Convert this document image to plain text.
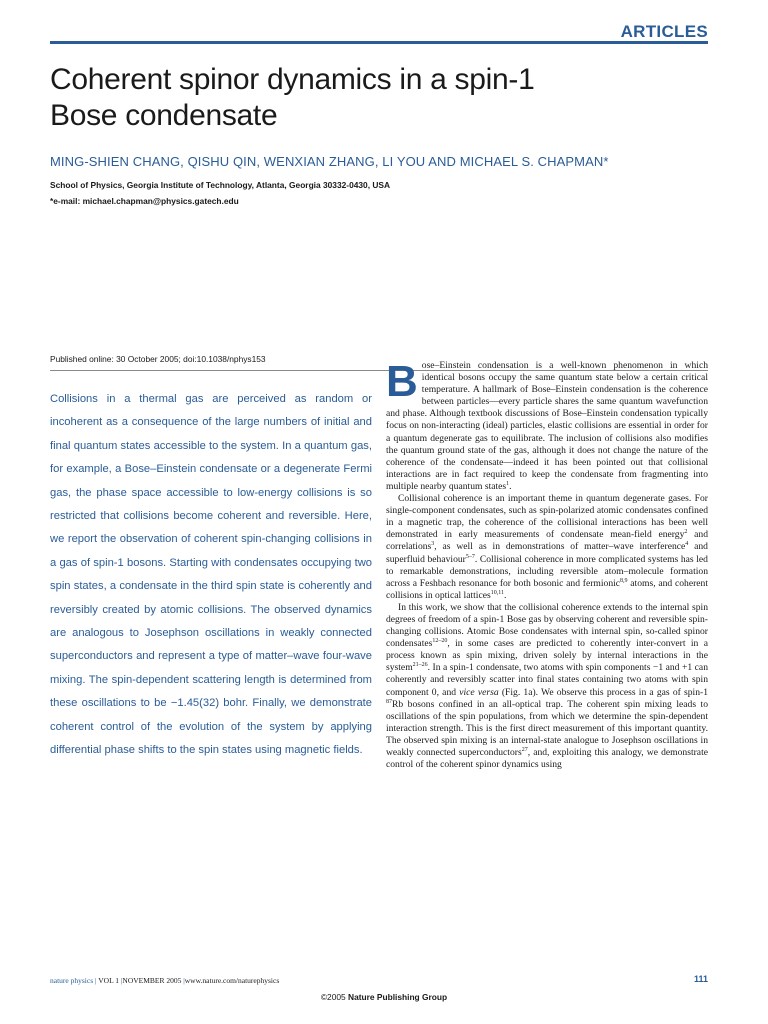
ARTICLES
Coherent spinor dynamics in a spin-1
Bose condensate

MING-SHIEN CHANG, QISHU QIN, WENXIAN ZHANG, LI YOU AND MICHAEL S. CHAPMAN*

School of Physics, Georgia Institute of Technology, Atlanta, Georgia 30332-0430, USA

*e-mail: michael.chapman@physics.gatech.edu

Published online: 30 October 2005; doi:10.1038/nphys153

Collisions in a thermal gas are perceived as random or incoherent as a consequence of the large numbers of initial and final quantum states accessible to the system. In a quantum gas, for example, a Bose–Einstein condensate or a degenerate Fermi gas, the phase space accessible to low-energy collisions is so restricted that collisions become coherent and reversible. Here, we report the observation of coherent spin-changing collisions in a gas of spin-1 bosons. Starting with condensates occupying two spin states, a condensate in the third spin state is coherently and reversibly created by atomic collisions. The observed dynamics are analogous to Josephson oscillations in weakly connected superconductors and represent a type of matter–wave four-wave mixing. The spin-dependent scattering length is determined from these oscillations to be −1.45(32) bohr. Finally, we demonstrate coherent control of the evolution of the system by applying differential phase shifts to the spin states using magnetic fields.

Bose–Einstein condensation is a well-known phenomenon in which identical bosons occupy the same quantum state below a certain critical temperature. A hallmark of Bose–Einstein condensation is the coherence between particles—every particle shares the same quantum wavefunction and phase. Although textbook discussions of Bose–Einstein condensation typically focus on non-interacting (ideal) particles, elastic collisions are essential in order for a quantum degenerate gas to equilibrate. The inclusion of collisions also modifies the quantum ground state of the gas, although it does not change the nature of the coherence of the condensate—indeed it has been pointed out that collisional interactions are in fact required to keep the condensate from fragmenting into multiple nearby quantum states$^1$.

Collisional coherence is an important theme in quantum degenerate gases. For single-component condensates, such as spin-polarized atomic condensates confined in a magnetic trap, the coherence of the collisional interactions has been well demonstrated in early measurements of condensate mean-field energy$^2$ and correlations$^3$, as well as in demonstrations of matter–wave interference$^4$ and superfluid behaviour$^{5-7}$. Collisional coherence in more complicated systems has led to remarkable demonstrations, including reversible atom–molecule formation across a Feshbach resonance for both bosonic and fermionic$^{8,9}$ atoms, and coherent collisions in optical lattices$^{10,11}$.

In this work, we show that the collisional coherence extends to the internal spin degrees of freedom of a spin-1 Bose gas by observing coherent and reversible spin-changing collisions. Atomic Bose condensates with internal spin, so-called spinor condensates$^{12-20}$, in some cases are predicted to coherently inter-convert in a process known as spin mixing, driven solely by internal interactions in the system$^{21-26}$. In a spin-1 condensate, two atoms with spin components −1 and +1 can coherently and reversibly scatter into final states containing two atoms with spin component 0, and vice versa (Fig. 1a). We observe this process in a gas of spin-1 $^{87}$Rb bosons confined in an all-optical trap. The coherent spin mixing leads to oscillations of the spin populations, from which we determine the spin-dependent interaction strength. This is the first direct measurement of this important quantity. The observed spin mixing is an internal-state analogue to Josephson oscillations in weakly connected superconductors$^{27}$, and, exploiting this analogy, we demonstrate control of the coherent spinor dynamics using

nature physics | VOL 1 |NOVEMBER 2005 |www.nature.com/naturephysics	111

©2005 Nature Publishing Group
